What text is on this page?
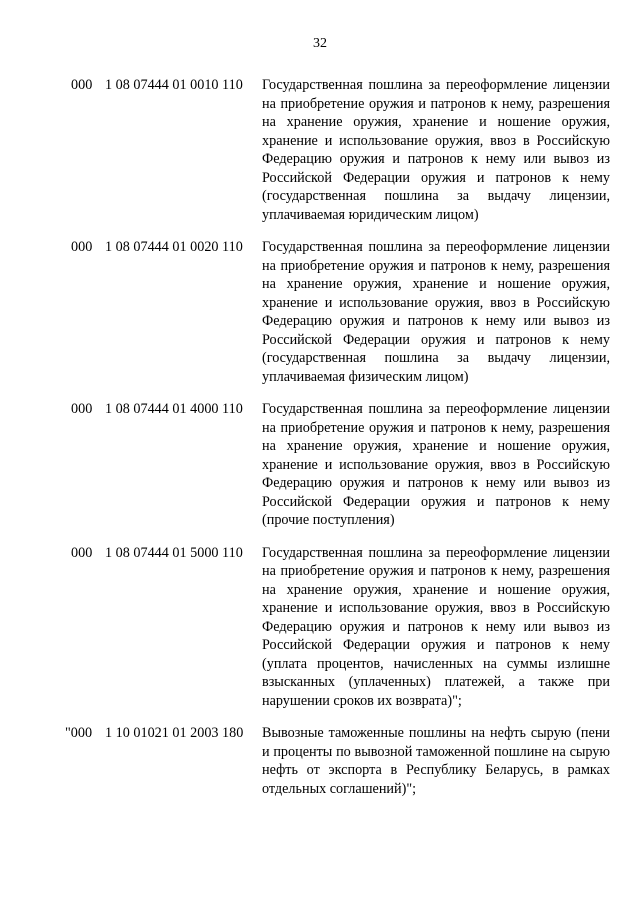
32
000 1 08 07444 01 0010 110 Государственная пошлина за переоформление лицензии на приобретение оружия и патронов к нему, разрешения на хранение оружия, хранение и ношение оружия, хранение и использование оружия, ввоз в Российскую Федерацию оружия и патронов к нему или вывоз из Российской Федерации оружия и патронов к нему (государственная пошлина за выдачу лицензии, уплачиваемая юридическим лицом)
000 1 08 07444 01 0020 110 Государственная пошлина за переоформление лицензии на приобретение оружия и патронов к нему, разрешения на хранение оружия, хранение и ношение оружия, хранение и использование оружия, ввоз в Российскую Федерацию оружия и патронов к нему или вывоз из Российской Федерации оружия и патронов к нему (государственная пошлина за выдачу лицензии, уплачиваемая физическим лицом)
000 1 08 07444 01 4000 110 Государственная пошлина за переоформление лицензии на приобретение оружия и патронов к нему, разрешения на хранение оружия, хранение и ношение оружия, хранение и использование оружия, ввоз в Российскую Федерацию оружия и патронов к нему или вывоз из Российской Федерации оружия и патронов к нему (прочие поступления)
000 1 08 07444 01 5000 110 Государственная пошлина за переоформление лицензии на приобретение оружия и патронов к нему, разрешения на хранение оружия, хранение и ношение оружия, хранение и использование оружия, ввоз в Российскую Федерацию оружия и патронов к нему или вывоз из Российской Федерации оружия и патронов к нему (уплата процентов, начисленных на суммы излишне взысканных (уплаченных) платежей, а также при нарушении сроков их возврата)";
"000 1 10 01021 01 2003 180 Вывозные таможенные пошлины на нефть сырую (пени и проценты по вывозной таможенной пошлине на сырую нефть от экспорта в Республику Беларусь, в рамках отдельных соглашений)";
